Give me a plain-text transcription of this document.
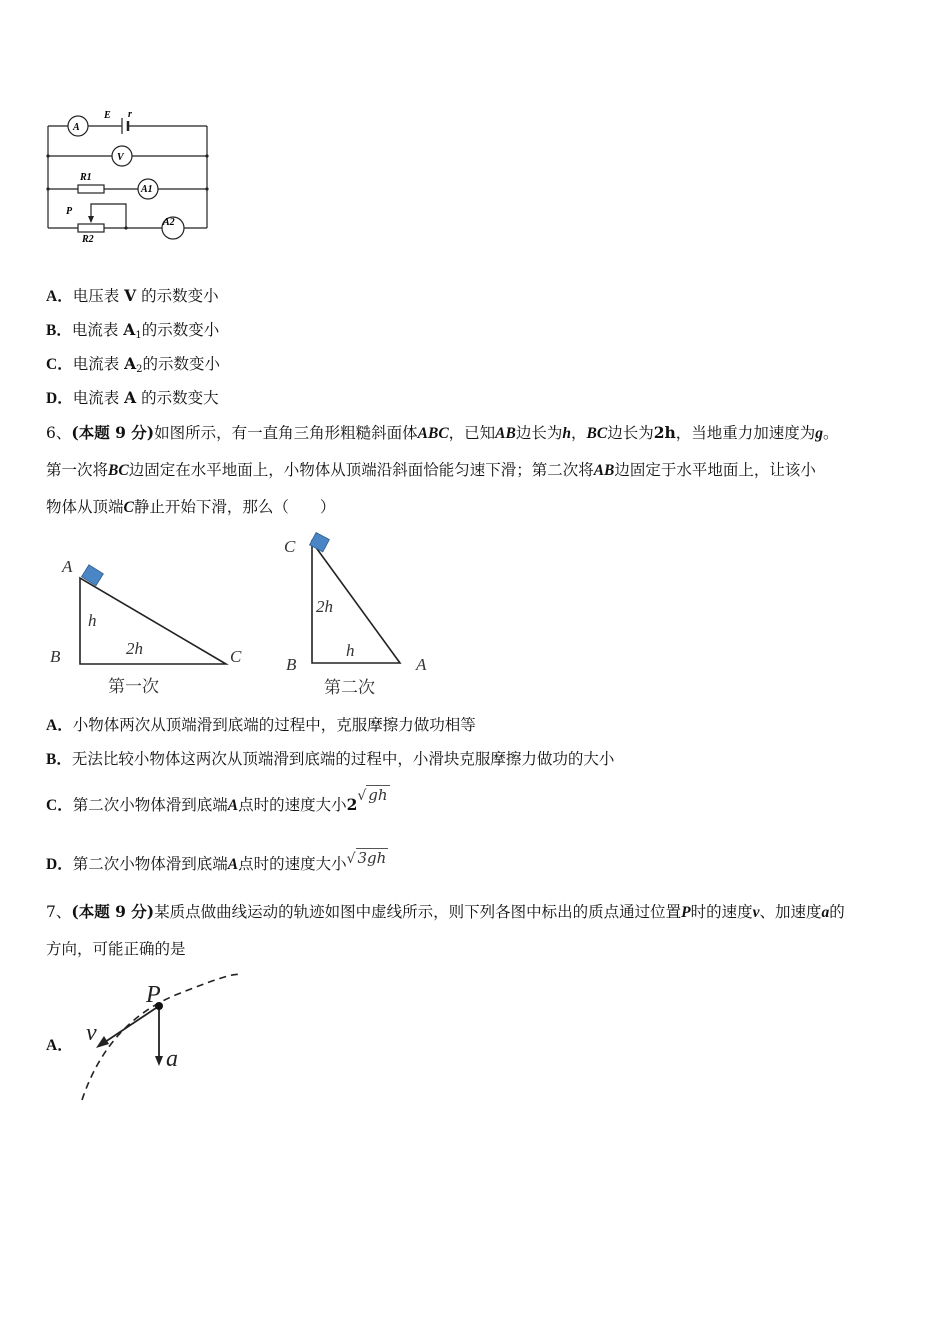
A
E r
V
R1
A1
P
R2
A2
A．电压表 V 的示数变小
B．电流表 $A_1$的示数变小
C．电流表 $A_2$的示数变小
D．电流表 A 的示数变大
6、(本题 9 分)如图所示，有一直角三角形粗糙斜面体ABC，已知AB边长为h，BC边长为2h，当地重力加速度为g。
第一次将BC边固定在水平地面上，小物体从顶端沿斜面恰能匀速下滑；第二次将AB边固定于水平地面上，让该小
物体从顶端C静止开始下滑，那么（　　）
A
B	C
h
2h
第一次
C
B	A
2h
h
第二次
A．小物体两次从顶端滑到底端的过程中，克服摩擦力做功相等
B．无法比较小物体这两次从顶端滑到底端的过程中，小滑块克服摩擦力做功的大小
C．第二次小物体滑到底端A点时的速度大小2√ gh
D．第二次小物体滑到底端A点时的速度大小√ 3gh
7、(本题 9 分)某质点做曲线运动的轨迹如图中虚线所示，则下列各图中标出的质点通过位置P时的速度v、加速度a的
方向，可能正确的是
A．
P
v
a
